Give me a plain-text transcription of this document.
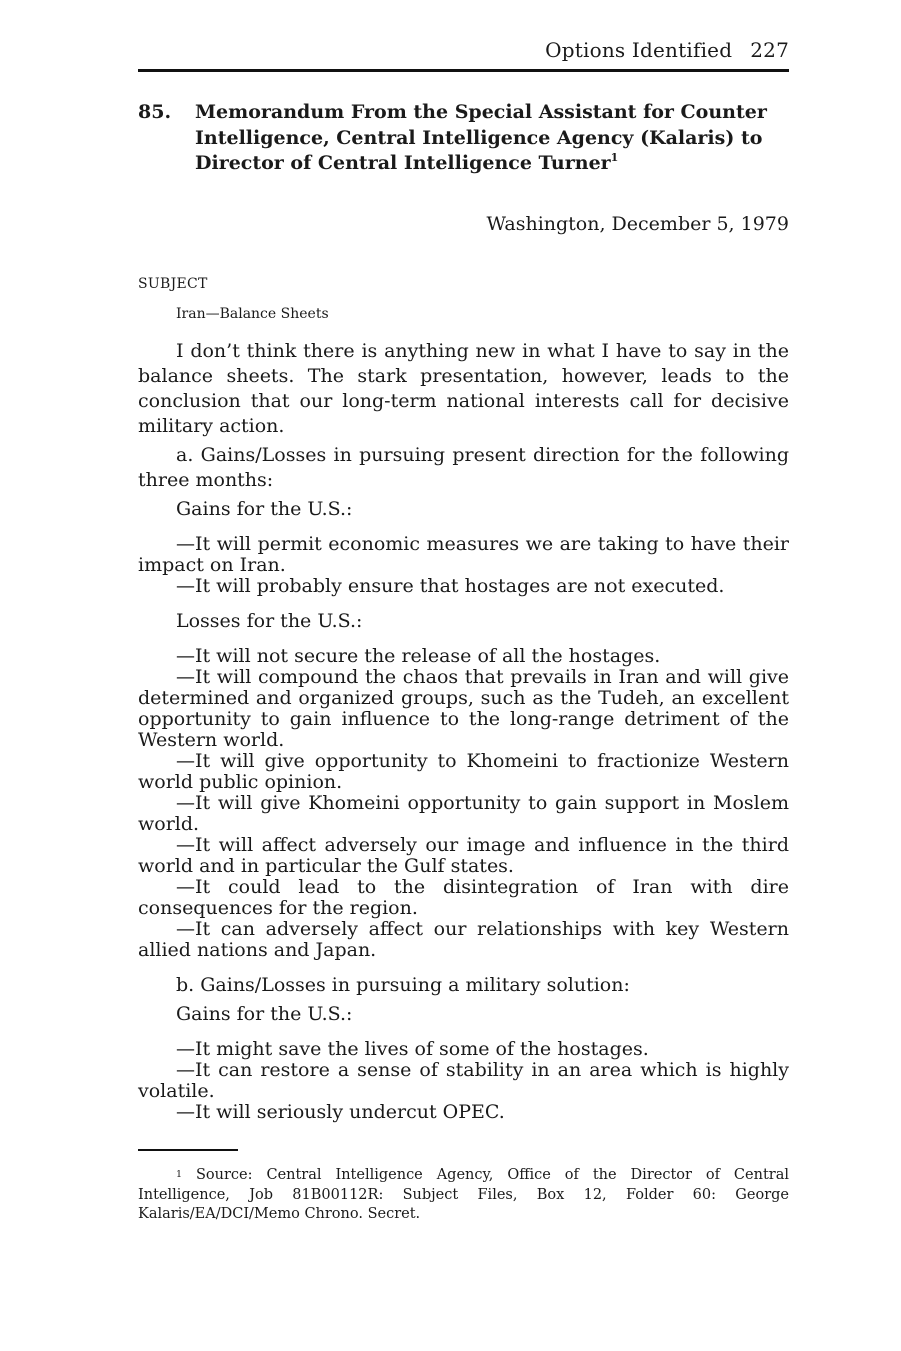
Options Identified 227
85. Memorandum From the Special Assistant for Counter Intelligence, Central Intelligence Agency (Kalaris) to Director of Central Intelligence Turner$^1$
Washington, December 5, 1979
SUBJECT
Iran—Balance Sheets

I don’t think there is anything new in what I have to say in the balance sheets. The stark presentation, however, leads to the conclusion that our long-term national interests call for decisive military action.

a. Gains/Losses in pursuing present direction for the following three months:

Gains for the U.S.:

—It will permit economic measures we are taking to have their impact on Iran.

—It will probably ensure that hostages are not executed.

Losses for the U.S.:

—It will not secure the release of all the hostages.

—It will compound the chaos that prevails in Iran and will give determined and organized groups, such as the Tudeh, an excellent opportunity to gain influence to the long-range detriment of the Western world.

—It will give opportunity to Khomeini to fractionize Western world public opinion.

—It will give Khomeini opportunity to gain support in Moslem world.

—It will affect adversely our image and influence in the third world and in particular the Gulf states.

—It could lead to the disintegration of Iran with dire consequences for the region.

—It can adversely affect our relationships with key Western allied nations and Japan.

b. Gains/Losses in pursuing a military solution:

Gains for the U.S.:

—It might save the lives of some of the hostages.

—It can restore a sense of stability in an area which is highly volatile.

—It will seriously undercut OPEC.

$^1$ Source: Central Intelligence Agency, Office of the Director of Central Intelligence, Job 81B00112R: Subject Files, Box 12, Folder 60: George Kalaris/EA/DCI/Memo Chrono. Secret.
